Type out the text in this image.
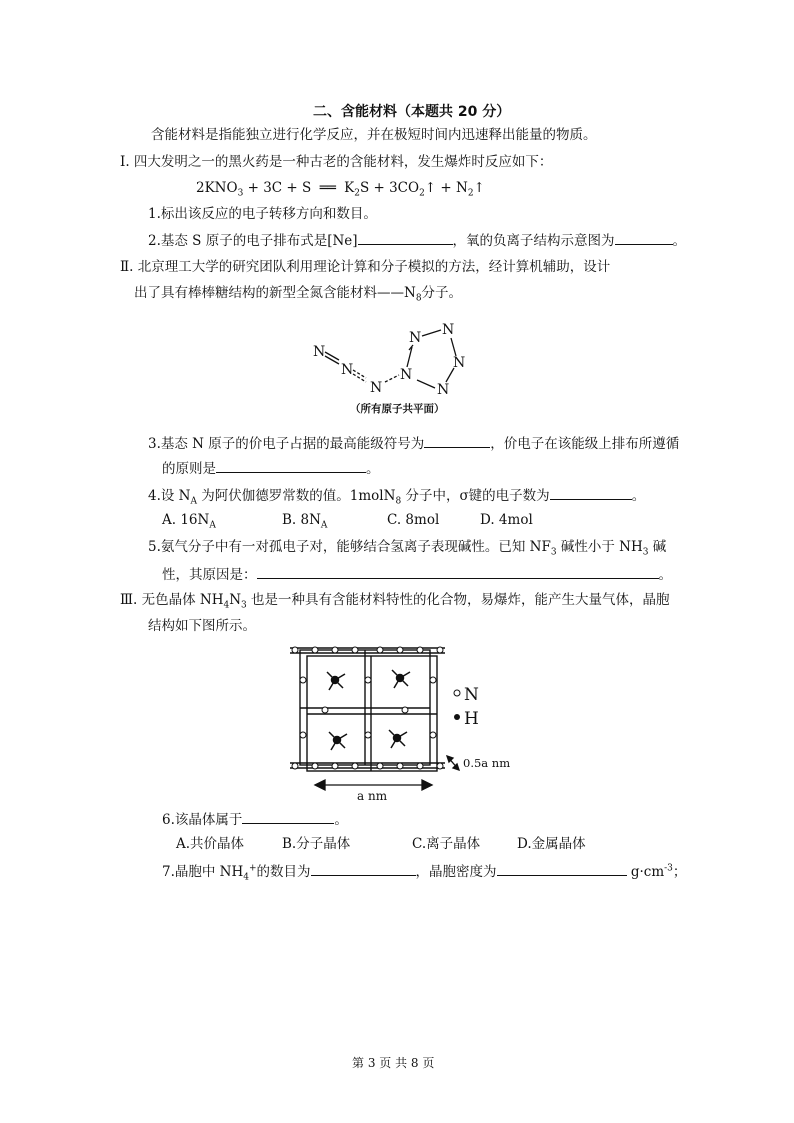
二、含能材料（本题共 20 分）
含能材料是指能独立进行化学反应，并在极短时间内迅速释出能量的物质。
Ⅰ. 四大发明之一的黑火药是一种古老的含能材料，发生爆炸时反应如下：
$2KNO_3 + 3C + S$ ══ $K_2S$ + $3CO_2↑$ + $N_2↑$
1.标出该反应的电子转移方向和数目。
2.基态 S 原子的电子排布式是[Ne]	，氧的负离子结构示意图为	。
Ⅱ. 北京理工大学的研究团队利用理论计算和分子模拟的方法，经计算机辅助，设计
出了具有棒棒糖结构的新型全氮含能材料$——N_8$分子。
N
N
N
N
N N
N
N
（所有原子共平面）
3.基态 N 原子的价电子占据的最高能级符号为	，价电子在该能级上排布所遵循
的原则是	。
4.设 $N_A$ 为阿伏伽德罗常数的值。1molN$_8$ 分子中，σ键的电子数为	。
A. $16N_A$	B. $8N_A$	C. 8mol	D. 4mol
5.氨气分子中有一对孤电子对，能够结合氢离子表现碱性。已知 $NF_3$ 碱性小于 $NH_3$ 碱
性，其原因是：	。
Ⅲ. 无色晶体 $NH_4N_3$ 也是一种具有含能材料特性的化合物，易爆炸，能产生大量气体，晶胞
结构如下图所示。
N
H
0.5a nm
a nm
6.该晶体属于	。
A.共价晶体	B.分子晶体	C.离子晶体	D.金属晶体
7.晶胞中 $NH_4^+$的数目为	，晶胞密度为	$g\cdot cm^{-3}$；
第 3 页 共 8 页
